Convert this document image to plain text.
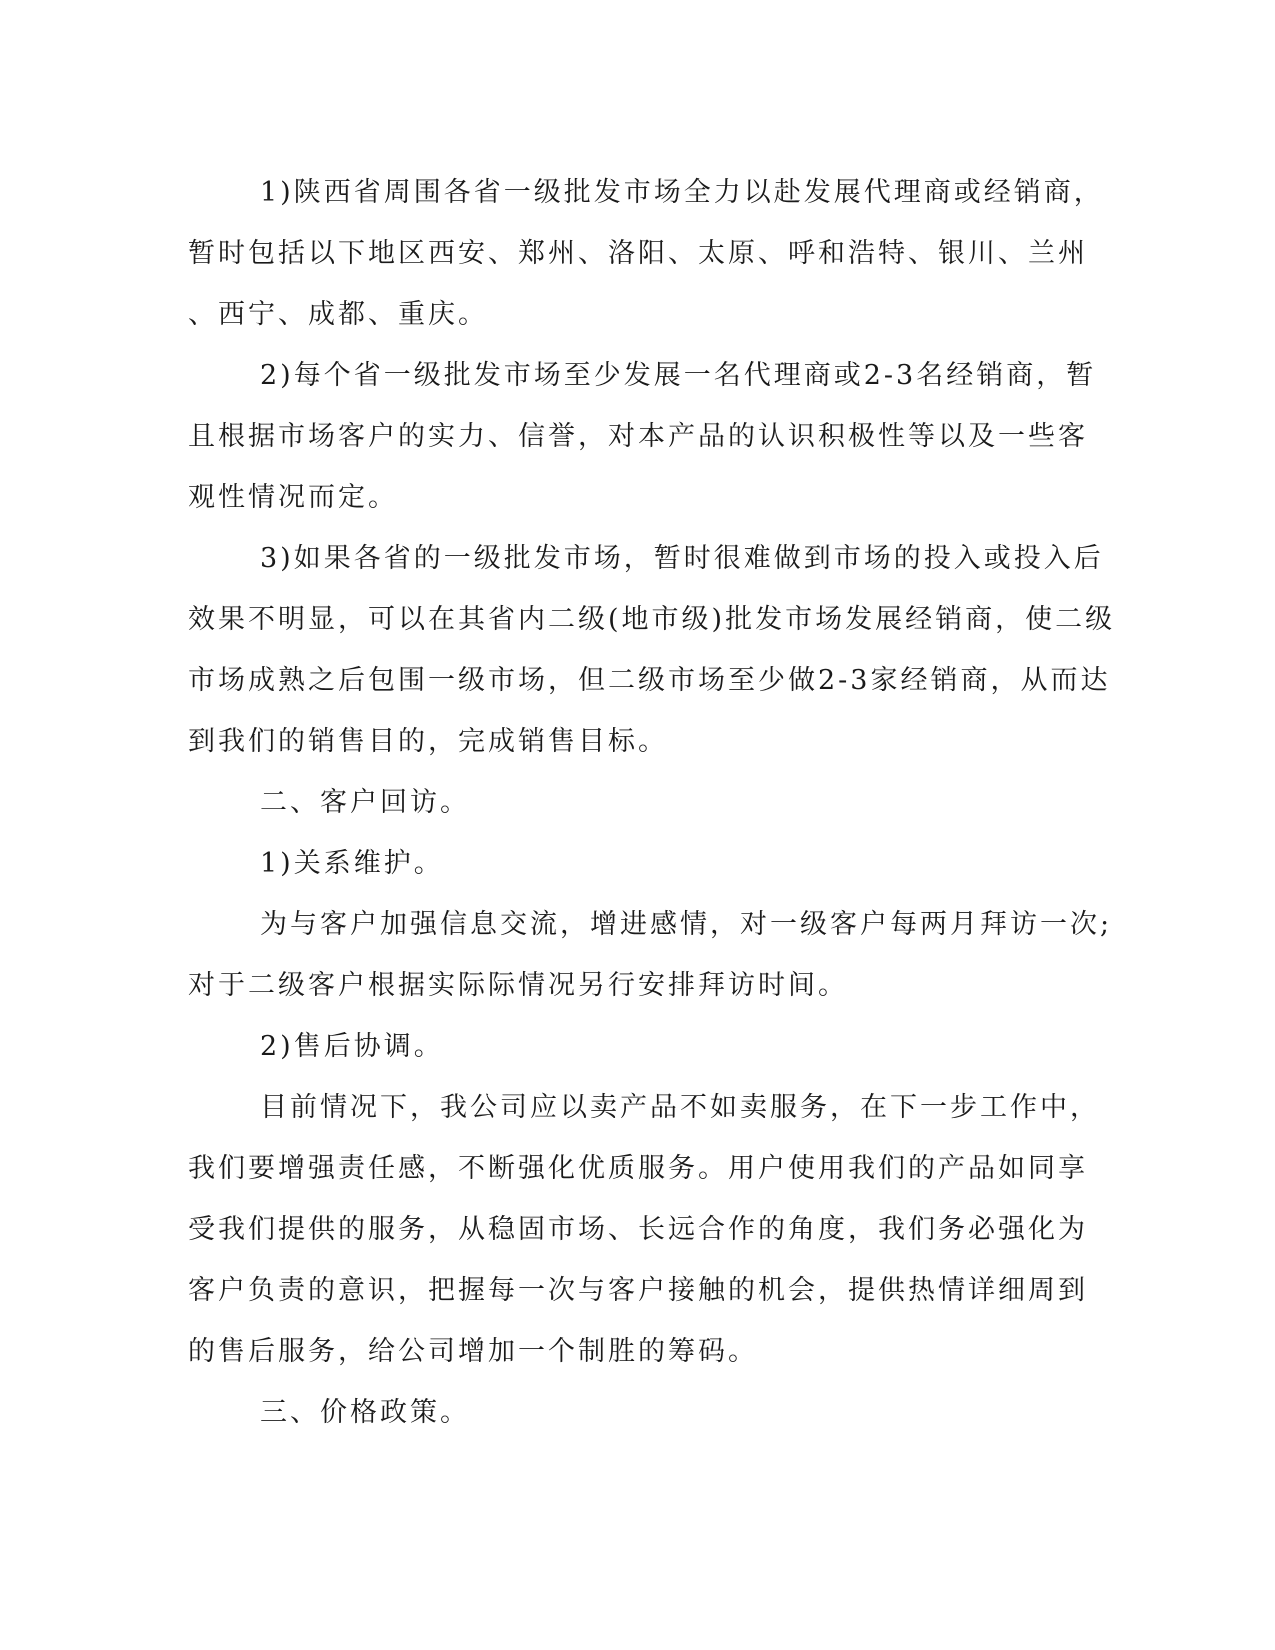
1)陕西省周围各省一级批发市场全力以赴发展代理商或经销商，
暂时包括以下地区西安、郑州、洛阳、太原、呼和浩特、银川、兰州
、西宁、成都、重庆。

2)每个省一级批发市场至少发展一名代理商或2-3名经销商，暂
且根据市场客户的实力、信誉，对本产品的认识积极性等以及一些客
观性情况而定。

3)如果各省的一级批发市场，暂时很难做到市场的投入或投入后
效果不明显，可以在其省内二级(地市级)批发市场发展经销商，使二级
市场成熟之后包围一级市场，但二级市场至少做2-3家经销商，从而达
到我们的销售目的，完成销售目标。

二、客户回访。

1)关系维护。

为与客户加强信息交流，增进感情，对一级客户每两月拜访一次;
对于二级客户根据实际际情况另行安排拜访时间。

2)售后协调。

目前情况下，我公司应以卖产品不如卖服务，在下一步工作中，
我们要增强责任感，不断强化优质服务。用户使用我们的产品如同享
受我们提供的服务，从稳固市场、长远合作的角度，我们务必强化为
客户负责的意识，把握每一次与客户接触的机会，提供热情详细周到
的售后服务，给公司增加一个制胜的筹码。

三、价格政策。
